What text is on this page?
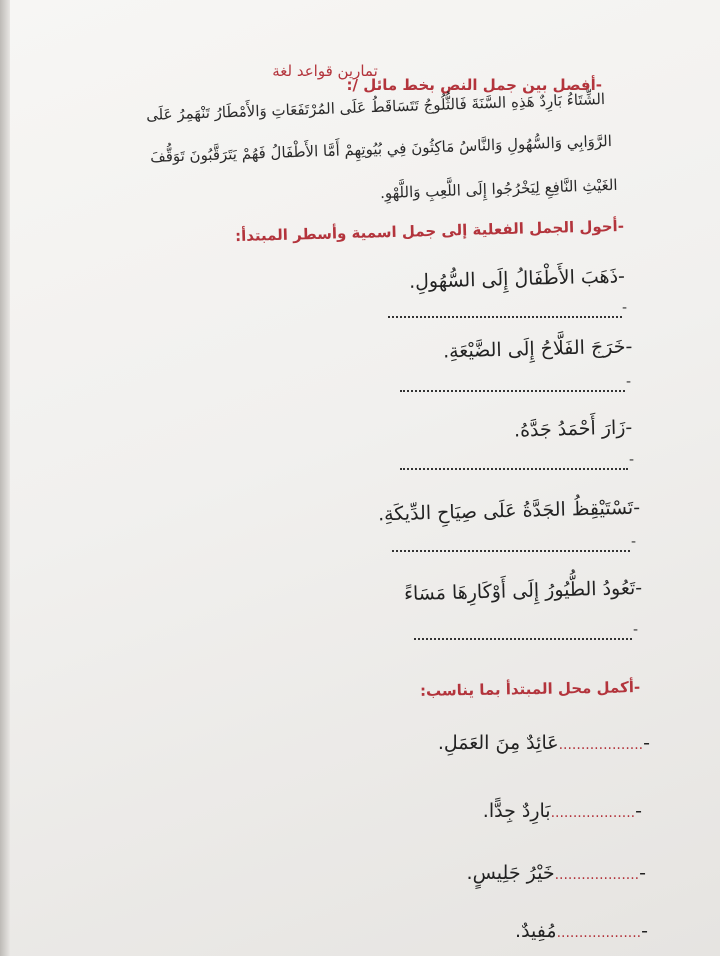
تمارين قواعد لغة
-أفصل بين جمل النص بخط مائل /:
الشِّتَاءُ بَارِدٌ هَذِهِ السَّنَةَ فَالثُّلُوجُ تَتَسَاقَطُ عَلَى المُرْتَفَعَاتِ وَالأَمْطَارُ تَنْهَمِرُ عَلَى
الرَّوَابِي وَالسُّهُولِ وَالنَّاسُ مَاكِثُونَ فِي بُيُوتِهِمْ أَمَّا الأَطْفَالُ فَهُمْ يَتَرَقَّبُونَ تَوَقُّفَ
الغَيْثِ النَّافِعِ لِيَخْرُجُوا إِلَى اللَّعِبِ وَاللَّهْوِ.
-أحول الجمل الفعلية إلى جمل اسمية وأسطر المبتدأ:
-ذَهَبَ الأَطْفَالُ إِلَى السُّهُولِ.
-
-خَرَجَ الفَلَّاحُ إِلَى الضَّيْعَةِ.
-
-زَارَ أَحْمَدُ جَدَّهُ.
-
-تَسْتَيْقِظُ الجَدَّةُ عَلَى صِيَاحِ الدِّيكَةِ.
-
-تَعُودُ الطُّيُورُ إِلَى أَوْكَارِهَا مَسَاءً
-
-أكمل محل المبتدأ بما يناسب:
-...................عَائِدٌ مِنَ العَمَلِ.
-...................بَارِدٌ جِدًّا.
-...................خَيْرُ جَلِيسٍ.
-...................مُفِيدٌ.
